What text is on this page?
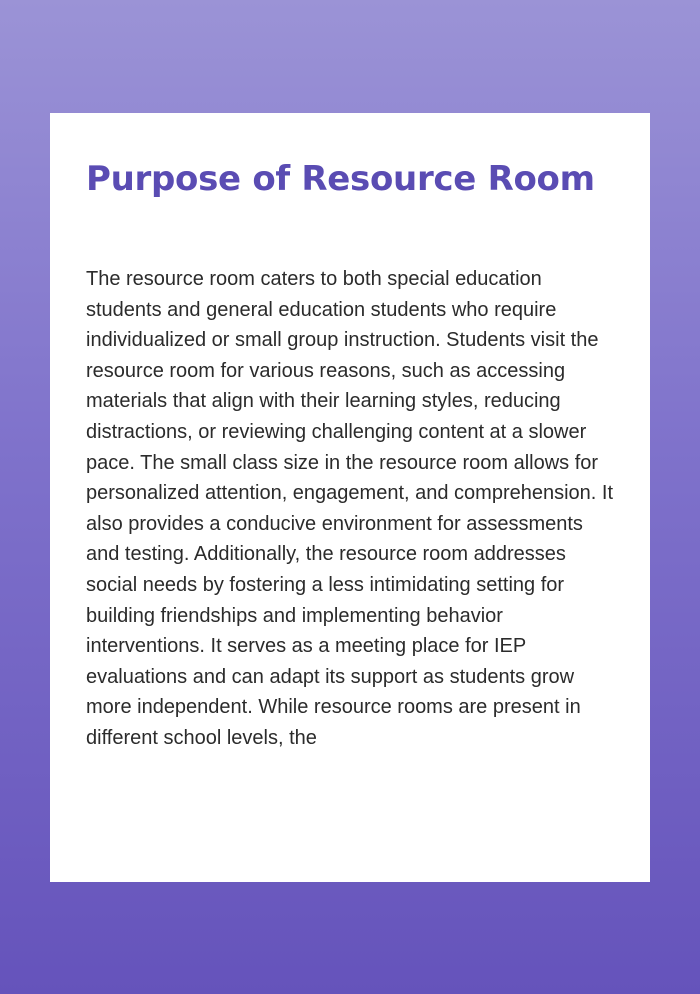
Purpose of Resource Room

The resource room caters to both special education students and general education students who require individualized or small group instruction. Students visit the resource room for various reasons, such as accessing materials that align with their learning styles, reducing distractions, or reviewing challenging content at a slower pace. The small class size in the resource room allows for personalized attention, engagement, and comprehension. It also provides a conducive environment for assessments and testing. Additionally, the resource room addresses social needs by fostering a less intimidating setting for building friendships and implementing behavior interventions. It serves as a meeting place for IEP evaluations and can adapt its support as students grow more independent. While resource rooms are present in different school levels, the
